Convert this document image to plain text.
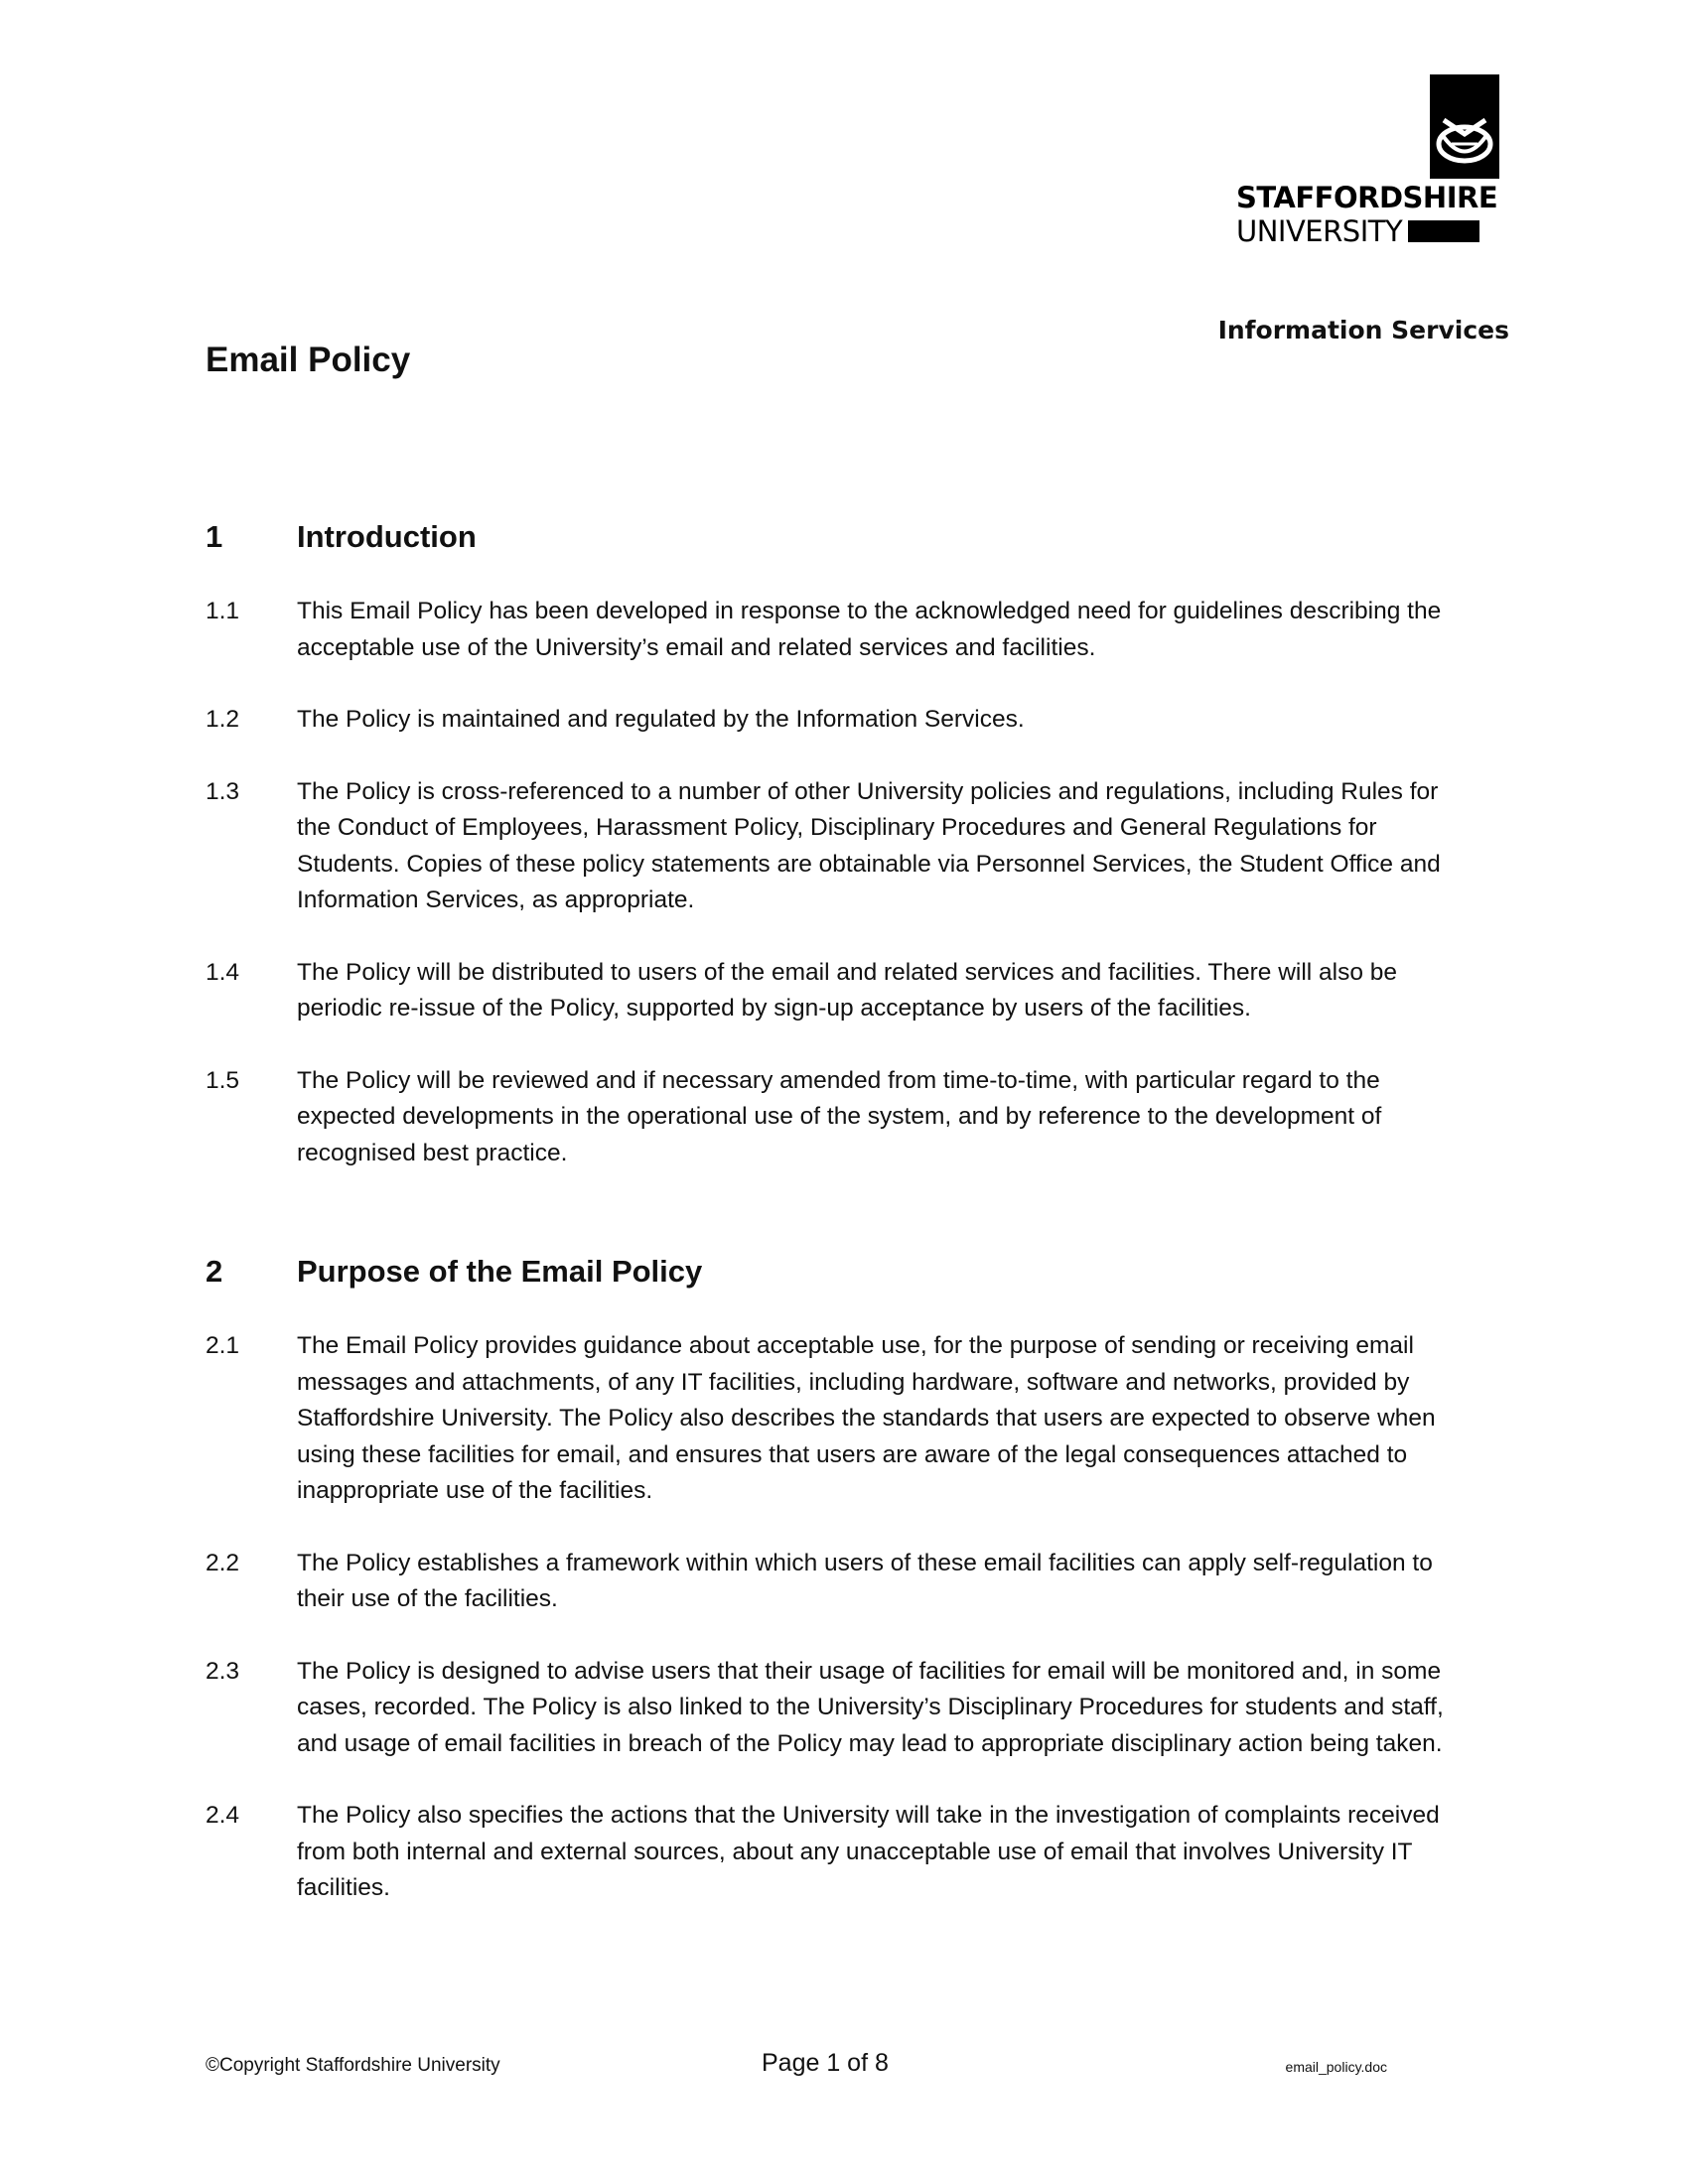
STAFFORDSHIRE
UNIVERSITY
Information Services
Email Policy
1	Introduction
1.1	This Email Policy has been developed in response to the acknowledged need for guidelines describing the acceptable use of the University’s email and related services and facilities.
1.2	The Policy is maintained and regulated by the Information Services.
1.3	The Policy is cross-referenced to a number of other University policies and regulations, including Rules for the Conduct of Employees, Harassment Policy, Disciplinary Procedures and General Regulations for Students. Copies of these policy statements are obtainable via Personnel Services, the Student Office and Information Services, as appropriate.
1.4	The Policy will be distributed to users of the email and related services and facilities. There will also be periodic re-issue of the Policy, supported by sign-up acceptance by users of the facilities.
1.5	The Policy will be reviewed and if necessary amended from time-to-time, with particular regard to the expected developments in the operational use of the system, and by reference to the development of recognised best practice.
2	Purpose of the Email Policy
2.1	The Email Policy provides guidance about acceptable use, for the purpose of sending or receiving email messages and attachments, of any IT facilities, including hardware, software and networks, provided by Staffordshire University. The Policy also describes the standards that users are expected to observe when using these facilities for email, and ensures that users are aware of the legal consequences attached to inappropriate use of the facilities.
2.2	The Policy establishes a framework within which users of these email facilities can apply self-regulation to their use of the facilities.
2.3	The Policy is designed to advise users that their usage of facilities for email will be monitored and, in some cases, recorded. The Policy is also linked to the University’s Disciplinary Procedures for students and staff, and usage of email facilities in breach of the Policy may lead to appropriate disciplinary action being taken.
2.4	The Policy also specifies the actions that the University will take in the investigation of complaints received from both internal and external sources, about any unacceptable use of email that involves University IT facilities.
©Copyright Staffordshire University	Page 1 of 8	email_policy.doc
